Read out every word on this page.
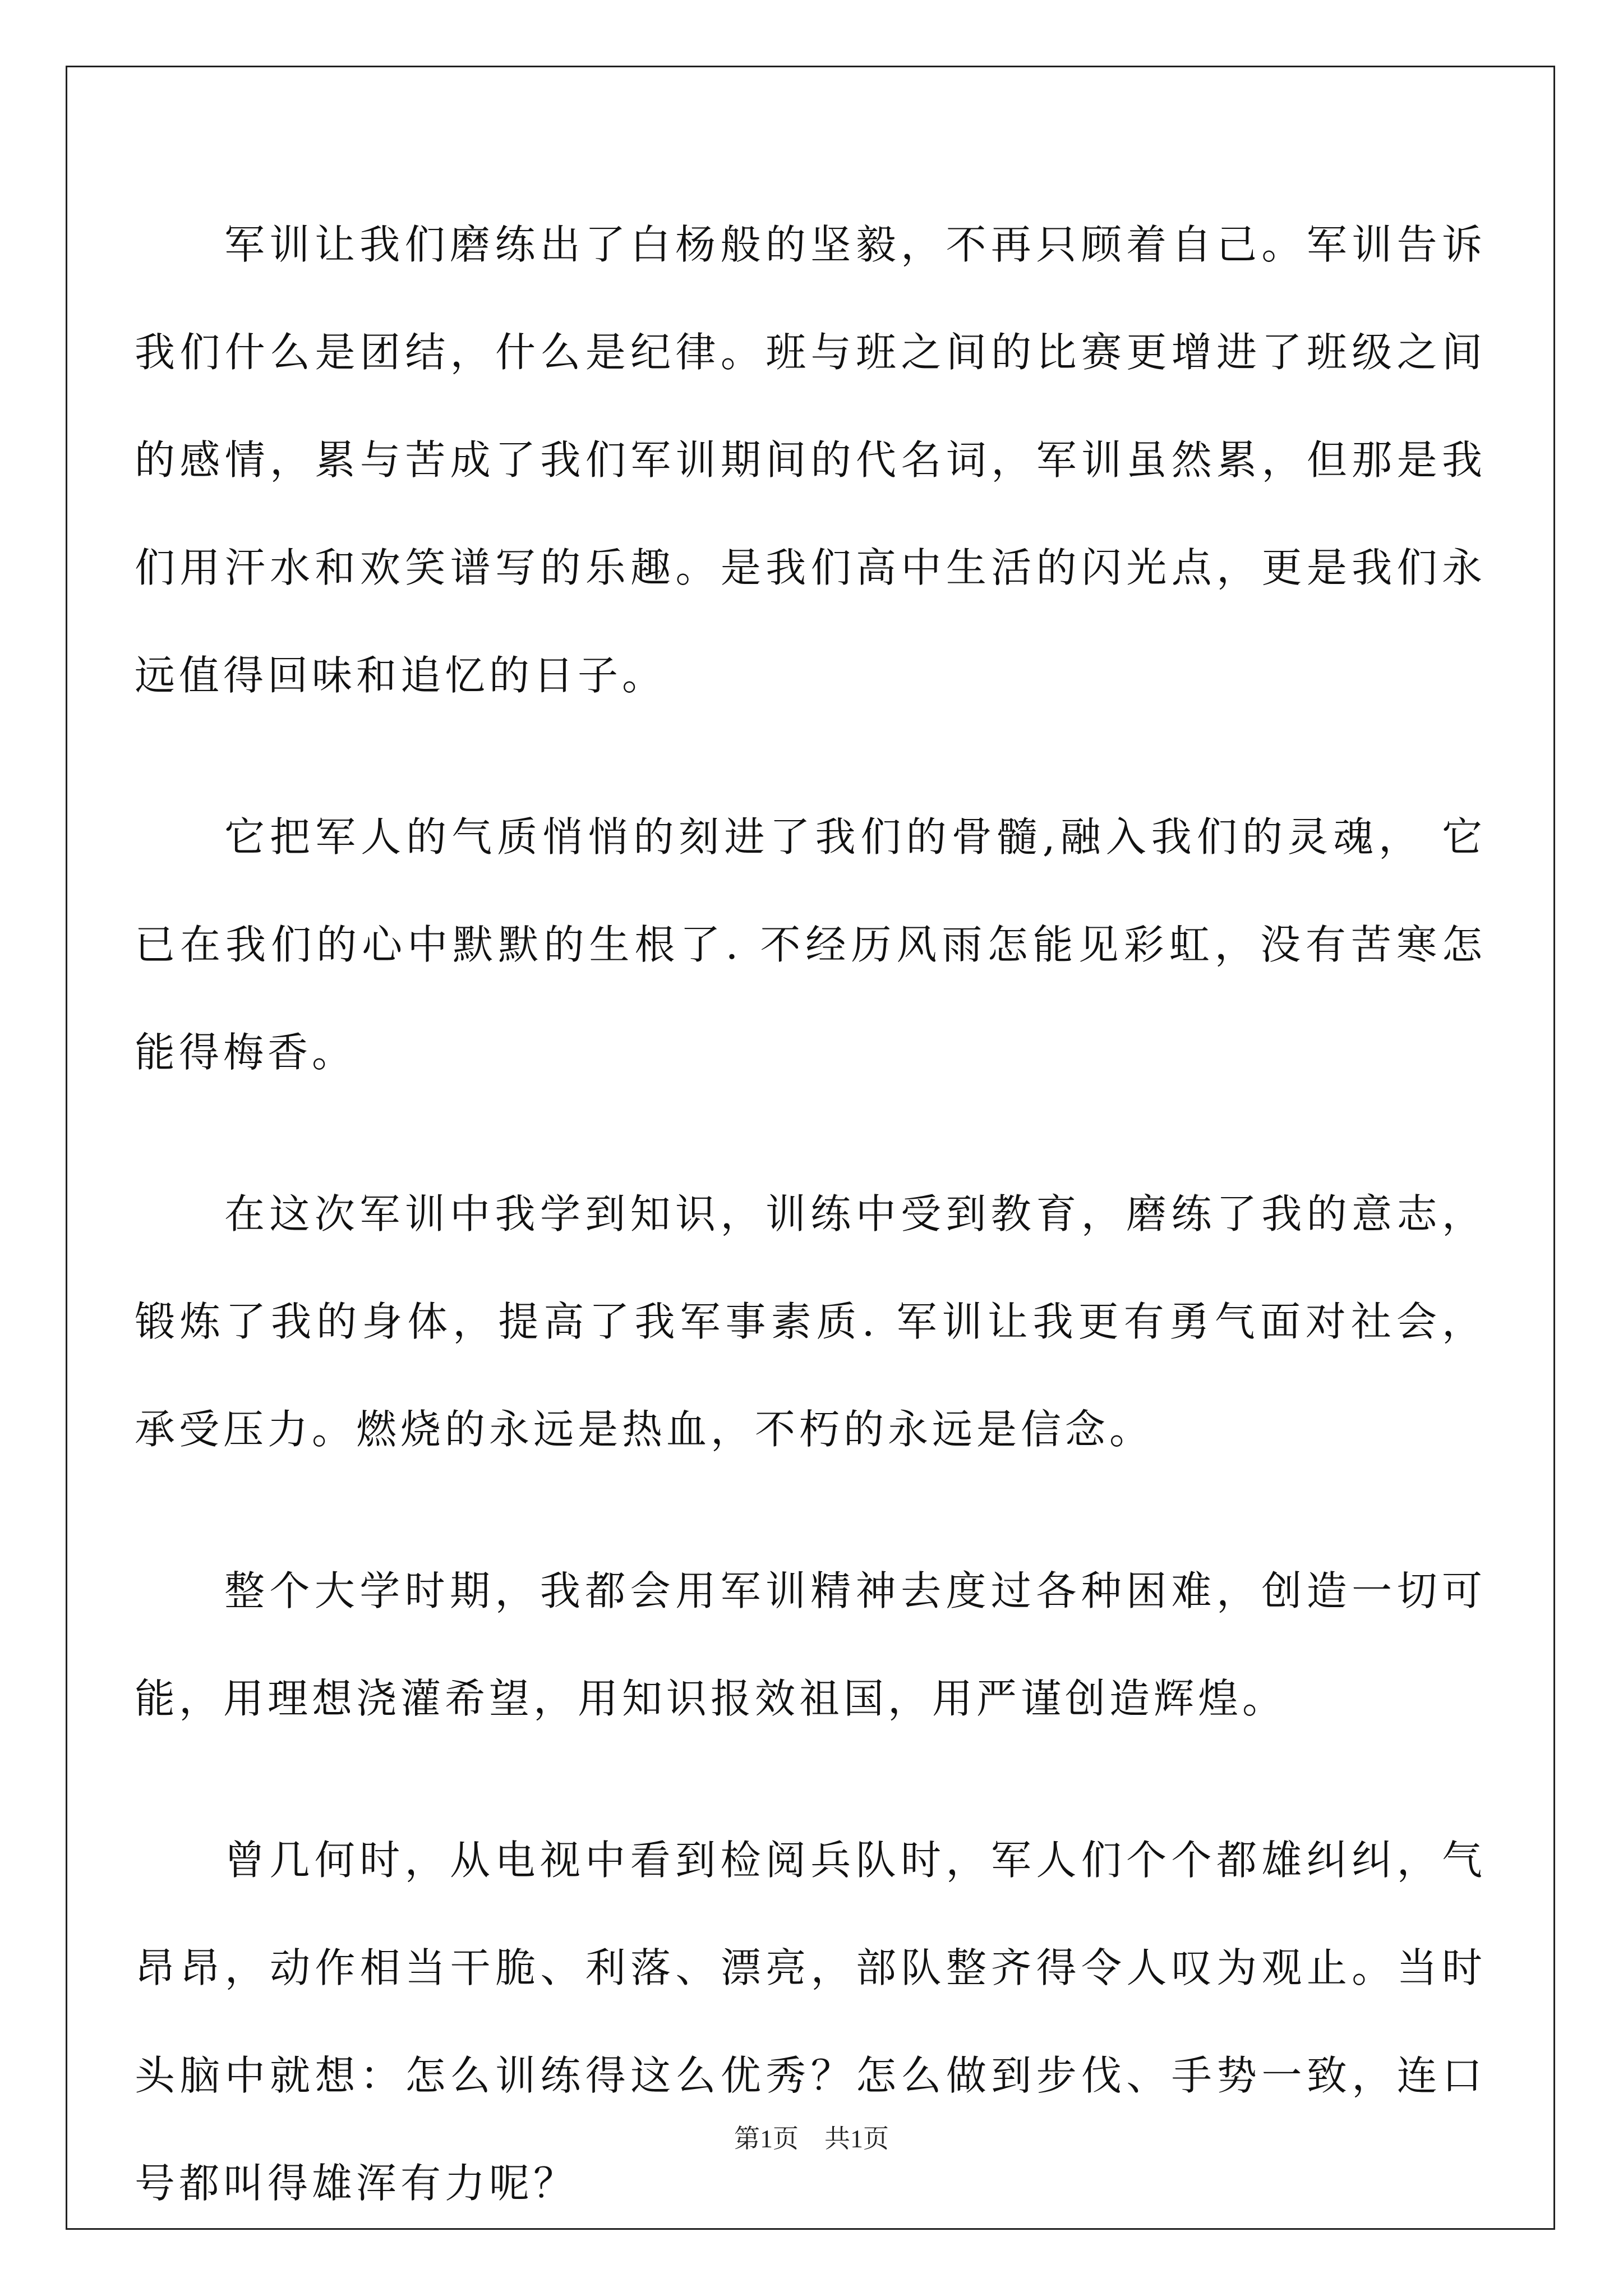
军训让我们磨练出了白杨般的坚毅，不再只顾着自己。军训告诉我们什么是团结，什么是纪律。班与班之间的比赛更增进了班级之间的感情，累与苦成了我们军训期间的代名词，军训虽然累，但那是我们用汗水和欢笑谱写的乐趣。是我们高中生活的闪光点，更是我们永远值得回味和追忆的日子。

它把军人的气质悄悄的刻进了我们的骨髓,融入我们的灵魂， 它已在我们的心中默默的生根了. 不经历风雨怎能见彩虹，没有苦寒怎能得梅香。

在这次军训中我学到知识，训练中受到教育，磨练了我的意志，锻炼了我的身体，提高了我军事素质. 军训让我更有勇气面对社会，承受压力。燃烧的永远是热血，不朽的永远是信念。

整个大学时期，我都会用军训精神去度过各种困难，创造一切可能，用理想浇灌希望，用知识报效祖国，用严谨创造辉煌。

曾几何时，从电视中看到检阅兵队时，军人们个个都雄纠纠，气昂昂，动作相当干脆、利落、漂亮，部队整齐得令人叹为观止。当时头脑中就想：怎么训练得这么优秀？怎么做到步伐、手势一致，连口号都叫得雄浑有力呢？

第1页　共1页
